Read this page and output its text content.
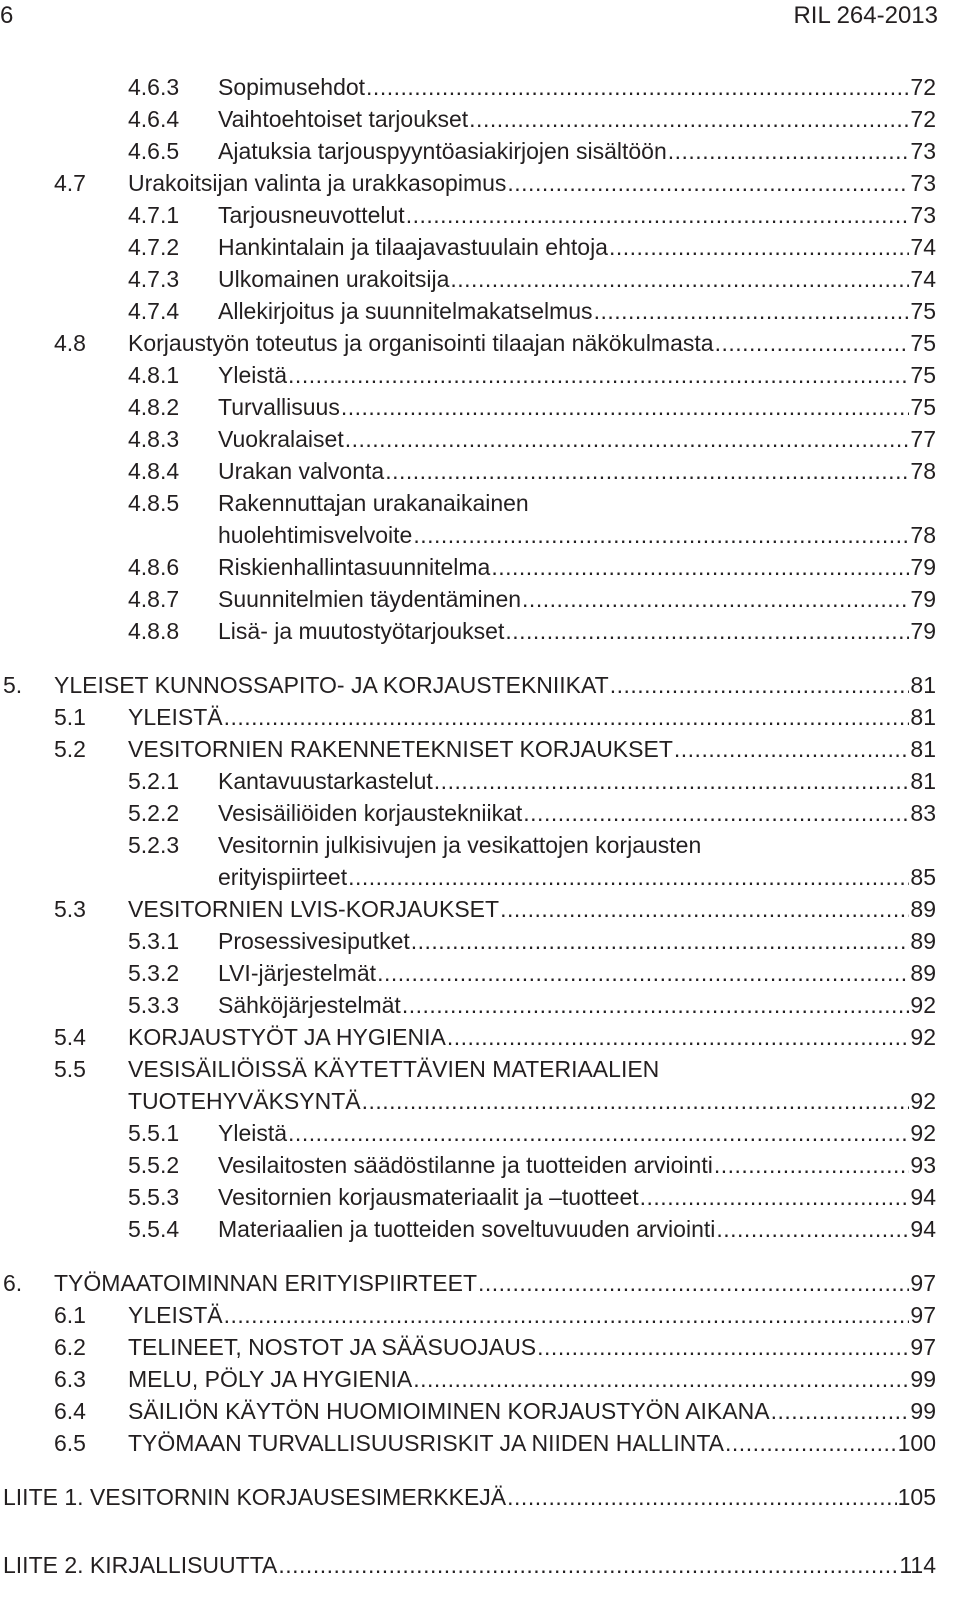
6	RIL 264-2013
4.6.3 Sopimusehdot .....	72
4.6.4 Vaihtoehtoiset tarjoukset .....	72
4.6.5 Ajatuksia tarjouspyyntöasiakirjojen sisältöön .....	73
4.7 Urakoitsijan valinta ja urakkasopimus .....	73
4.7.1 Tarjousneuvottelut .....	73
4.7.2 Hankintalain ja tilaajavastuulain ehtoja .....	74
4.7.3 Ulkomainen urakoitsija .....	74
4.7.4 Allekirjoitus ja suunnitelmakatselmus .....	75
4.8 Korjaustyön toteutus ja organisointi tilaajan näkökulmasta .....	75
4.8.1 Yleistä .....	75
4.8.2 Turvallisuus .....	75
4.8.3 Vuokralaiset .....	77
4.8.4 Urakan valvonta .....	78
4.8.5 Rakennuttajan urakanaikainen
huolehtimisvelvoite .....	78
4.8.6 Riskienhallintasuunnitelma .....	79
4.8.7 Suunnitelmien täydentäminen .....	79
4.8.8 Lisä- ja muutostyötarjoukset .....	79
5. YLEISET KUNNOSSAPITO- JA KORJAUSTEKNIIKAT .....	81
5.1 YLEISTÄ .....	81
5.2 VESITORNIEN RAKENNETEKNISET KORJAUKSET .....	81
5.2.1 Kantavuustarkastelut .....	81
5.2.2 Vesisäiliöiden korjaustekniikat .....	83
5.2.3 Vesitornin julkisivujen ja vesikattojen korjausten
erityispiirteet .....	85
5.3 VESITORNIEN LVIS-KORJAUKSET .....	89
5.3.1 Prosessivesiputket .....	89
5.3.2 LVI-järjestelmät .....	89
5.3.3 Sähköjärjestelmät .....	92
5.4 KORJAUSTYÖT JA HYGIENIA .....	92
5.5 VESISÄILIÖISSÄ KÄYTETTÄVIEN MATERIAALIEN
TUOTEHYVÄKSYNTÄ .....	92
5.5.1 Yleistä .....	92
5.5.2 Vesilaitosten säädöstilanne ja tuotteiden arviointi .....	93
5.5.3 Vesitornien korjausmateriaalit ja –tuotteet .....	94
5.5.4 Materiaalien ja tuotteiden soveltuvuuden arviointi .....	94
6. TYÖMAATOIMINNAN ERITYISPIIRTEET .....	97
6.1 YLEISTÄ .....	97
6.2 TELINEET, NOSTOT JA SÄÄSUOJAUS .....	97
6.3 MELU, PÖLY JA HYGIENIA .....	99
6.4 SÄILIÖN KÄYTÖN HUOMIOIMINEN KORJAUSTYÖN AIKANA .....	99
6.5 TYÖMAAN TURVALLISUUSRISKIT JA NIIDEN HALLINTA .....	100
LIITE 1. VESITORNIN KORJAUSESIMERKKEJÄ .....	105
LIITE 2. KIRJALLISUUTTA .....	114
